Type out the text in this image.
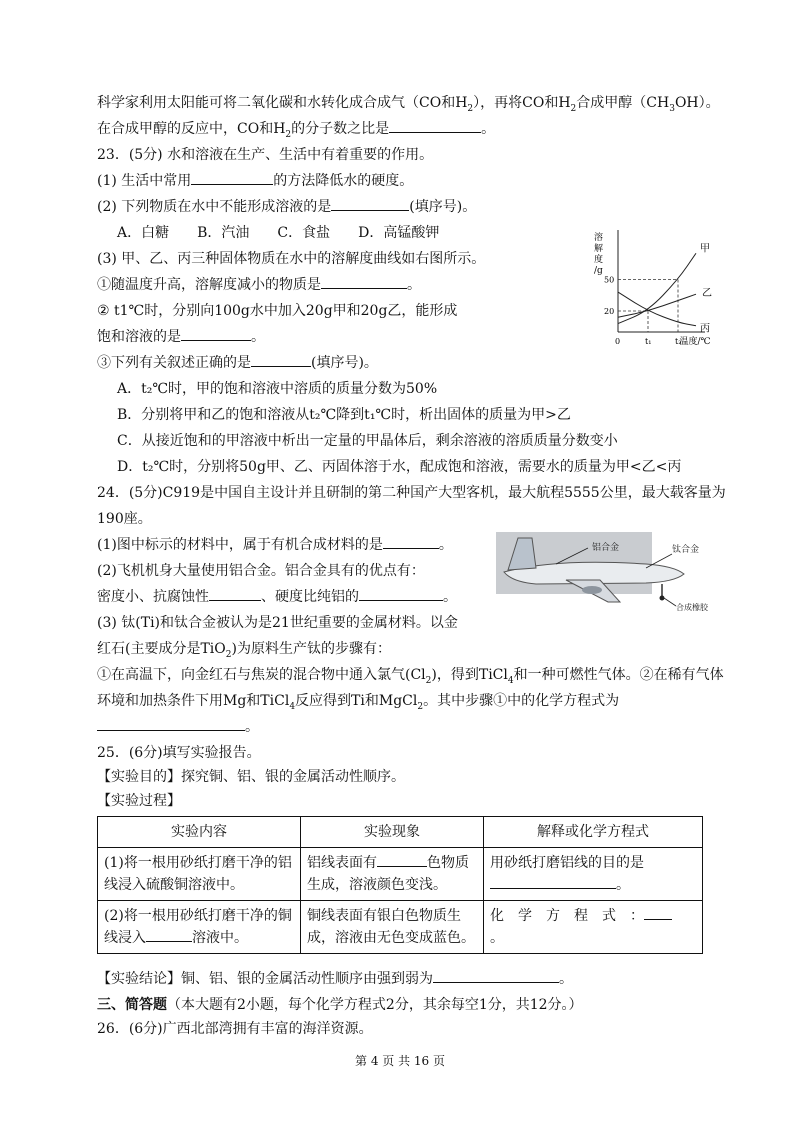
科学家利用太阳能可将二氧化碳和水转化成合成气（CO和$H_2$），再将CO和$H_2$合成甲醇$(CH_3OH)$。
在合成甲醇的反应中，CO和$H_2$的分子数之比是	。
23．(5分) 水和溶液在生产、生活中有着重要的作用。
(1) 生活中常用	的方法降低水的硬度。
(2) 下列物质在水中不能形成溶液的是	(填序号)。
A．白糖　　B．汽油　　C．食盐　　D．高锰酸钾
(3) 甲、乙、丙三种固体物质在水中的溶解度曲线如右图所示。
①随温度升高，溶解度减小的物质是	。
② t1℃时，分别向100g水中加入20g甲和20g乙，能形成
饱和溶液的是	。
③下列有关叙述正确的是	(填序号)。
A．t₂℃时，甲的饱和溶液中溶质的质量分数为50%
B．分别将甲和乙的饱和溶液从t₂℃降到t₁℃时，析出固体的质量为甲>乙
C．从接近饱和的甲溶液中析出一定量的甲晶体后，剩余溶液的溶质质量分数变小
D．t₂℃时，分别将50g甲、乙、丙固体溶于水，配成饱和溶液，需要水的质量为甲<乙<丙
溶
解
度
/g
温度/℃
0	t₁	t₂
20
50
甲
乙
丙
24．(5分)C919是中国自主设计并且研制的第二种国产大型客机，最大航程5555公里，最大载客量为
190座。
(1)图中标示的材料中，属于有机合成材料的是	。
(2)飞机机身大量使用铝合金。铝合金具有的优点有：
密度小、抗腐蚀性	、硬度比纯铝的	。
(3) 钛(Ti)和钛合金被认为是21世纪重要的金属材料。以金
红石(主要成分是TiO$_2$)为原料生产钛的步骤有：
①在高温下，向金红石与焦炭的混合物中通入氯气$(Cl_2)$，得到TiCl$_4$和一种可燃性气体。②在稀有气体
环境和加热条件下用Mg和TiCl$_4$反应得到Ti和MgCl$_2$。其中步骤①中的化学方程式为
。
铝合金	钛合金
合成橡胶
25．(6分)填写实验报告。
【实验目的】探究铜、铝、银的金属活动性顺序。
【实验过程】
实验内容	实验现象	解释或化学方程式
(1)将一根用砂纸打磨干净的铝线浸入硫酸铜溶液中。	铝线表面有 色物质生成，溶液颜色变浅。	用砂纸打磨铝线的目的是
。
(2)将一根用砂纸打磨干净的铜线浸入 溶液中。	铜线表面有银白色物质生成，溶液由无色变成蓝色。	化　学　方　程　式　：
。
【实验结论】铜、铝、银的金属活动性顺序由强到弱为	。
三、简答题（本大题有2小题，每个化学方程式2分，其余每空1分，共12分。）
26．(6分)广西北部湾拥有丰富的海洋资源。
第 4 页 共 16 页
